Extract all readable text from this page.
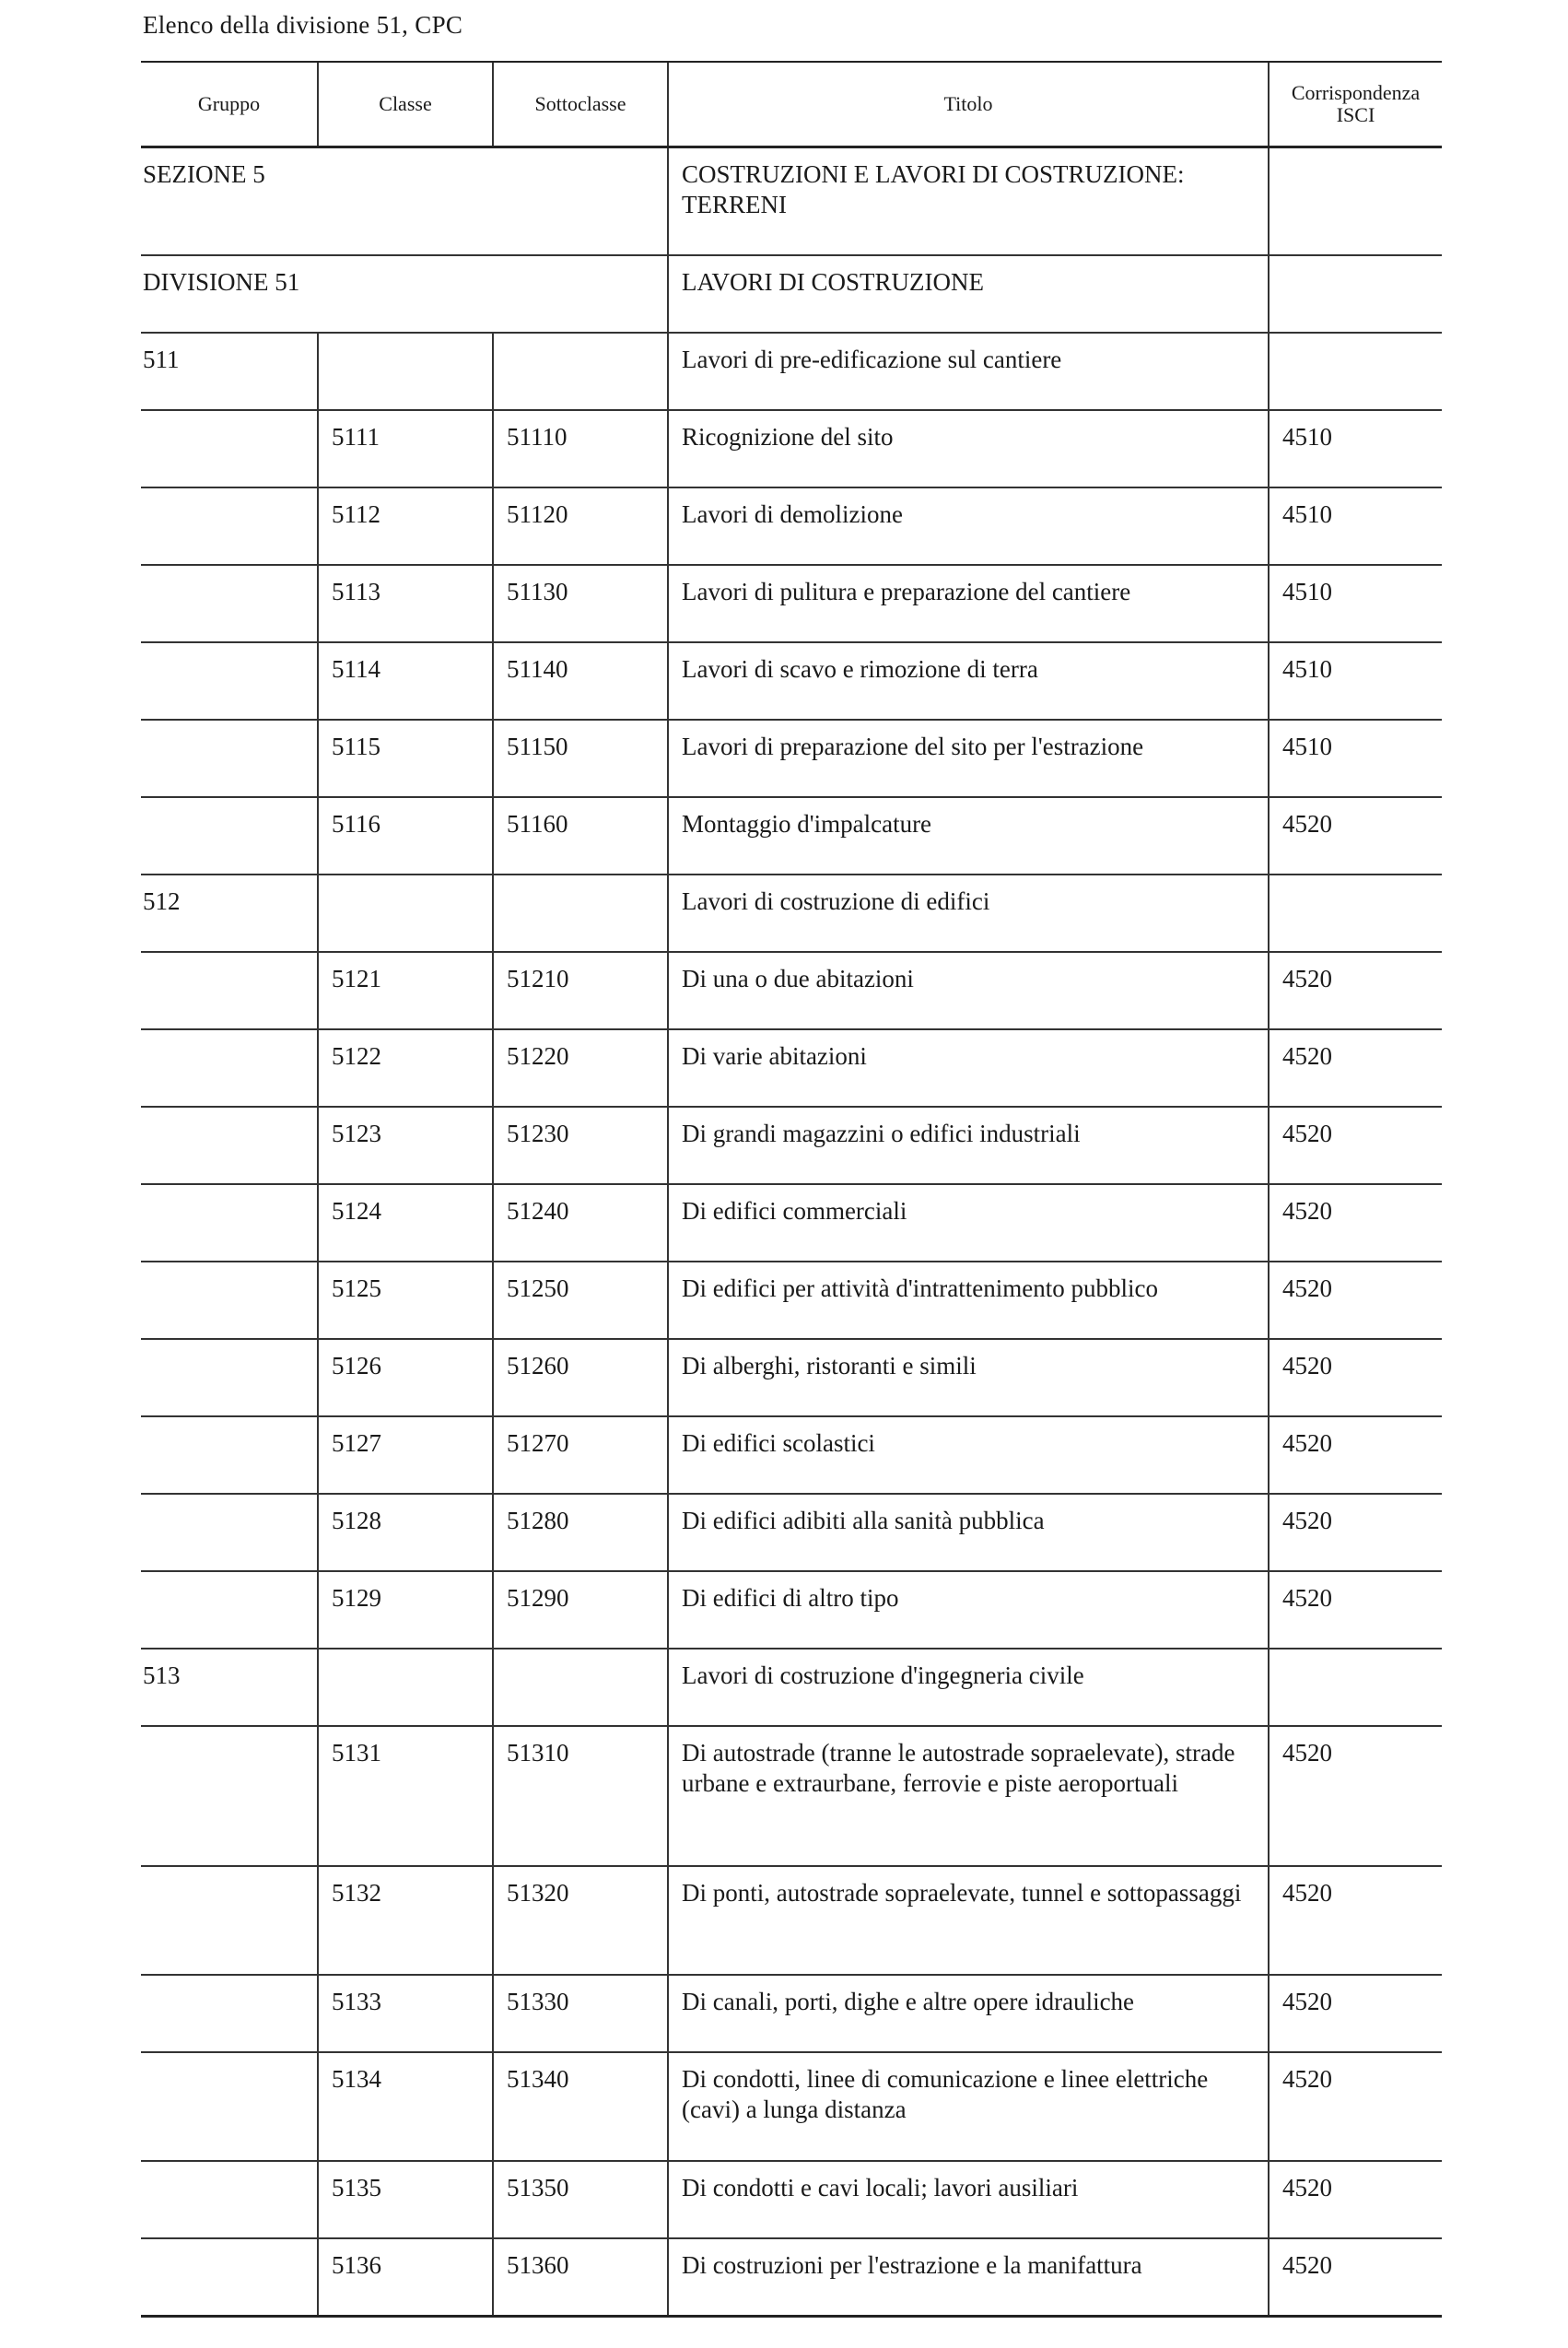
Elenco della divisione 51, CPC
Gruppo	Classe	Sottoclasse	Titolo	Corrispondenza
ISCI

SEZIONE 5			COSTRUZIONI E LAVORI DI COSTRUZIONE: TERRENI	
DIVISIONE 51			LAVORI DI COSTRUZIONE	
511			Lavori di pre-edificazione sul cantiere	
	5111	51110	Ricognizione del sito	4510
	5112	51120	Lavori di demolizione	4510
	5113	51130	Lavori di pulitura e preparazione del cantiere	4510
	5114	51140	Lavori di scavo e rimozione di terra	4510
	5115	51150	Lavori di preparazione del sito per l'estrazione	4510
	5116	51160	Montaggio d'impalcature	4520
512			Lavori di costruzione di edifici	
	5121	51210	Di una o due abitazioni	4520
	5122	51220	Di varie abitazioni	4520
	5123	51230	Di grandi magazzini o edifici industriali	4520
	5124	51240	Di edifici commerciali	4520
	5125	51250	Di edifici per attività d'intrattenimento pubblico	4520
	5126	51260	Di alberghi, ristoranti e simili	4520
	5127	51270	Di edifici scolastici	4520
	5128	51280	Di edifici adibiti alla sanità pubblica	4520
	5129	51290	Di edifici di altro tipo	4520
513			Lavori di costruzione d'ingegneria civile	
	5131	51310	Di autostrade (tranne le autostrade sopraelevate), strade urbane e extraurbane, ferrovie e piste aeroportuali	4520
	5132	51320	Di ponti, autostrade sopraelevate, tunnel e sottopassaggi	4520
	5133	51330	Di canali, porti, dighe e altre opere idrauliche	4520
	5134	51340	Di condotti, linee di comunicazione e linee elettriche (cavi) a lunga distanza	4520
	5135	51350	Di condotti e cavi locali; lavori ausiliari	4520
	5136	51360	Di costruzioni per l'estrazione e la manifattura	4520
